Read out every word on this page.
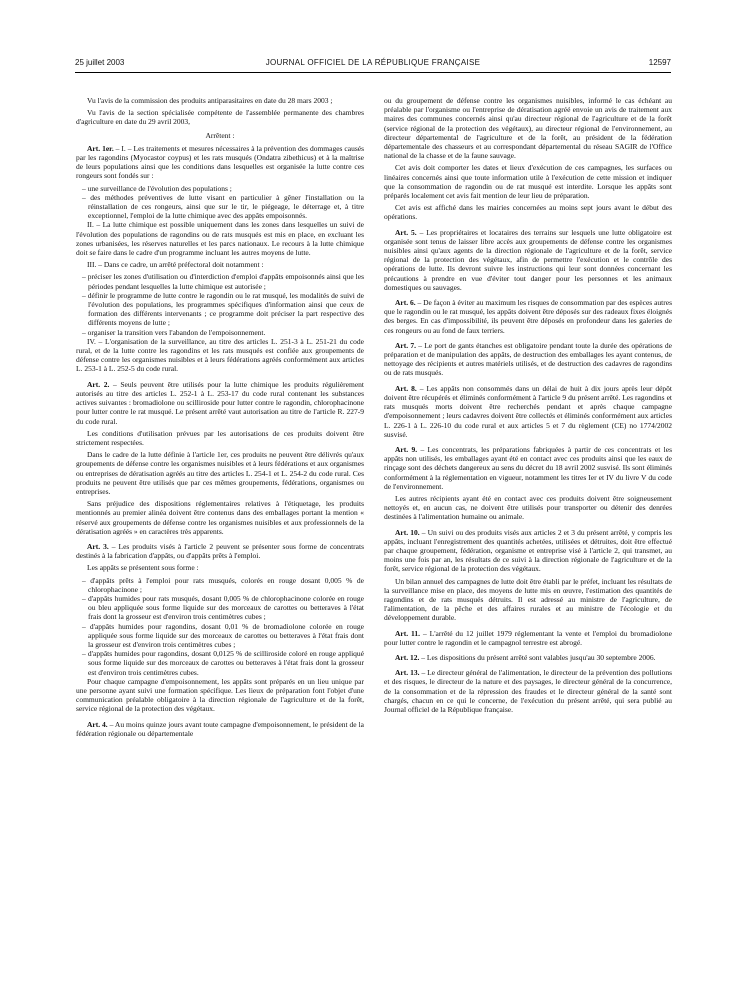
25 juillet 2003	JOURNAL OFFICIEL DE LA RÉPUBLIQUE FRANÇAISE	12597

Vu l'avis de la commission des produits antiparasitaires en date du 28 mars 2003 ;

Vu l'avis de la section spécialisée compétente de l'assemblée permanente des chambres d'agriculture en date du 29 avril 2003,

Arrêtent :

Art. 1er. – I. – Les traitements et mesures nécessaires à la prévention des dommages causés par les ragondins (Myocastor coypus) et les rats musqués (Ondatra zibethicus) et à la maîtrise de leurs populations ainsi que les conditions dans lesquelles est organisée la lutte contre ces rongeurs sont fondés sur :

– une surveillance de l'évolution des populations ;

– des méthodes préventives de lutte visant en particulier à gêner l'installation ou la réinstallation de ces rongeurs, ainsi que sur le tir, le piégeage, le déterrage et, à titre exceptionnel, l'emploi de la lutte chimique avec des appâts empoisonnés.

II. – La lutte chimique est possible uniquement dans les zones dans lesquelles un suivi de l'évolution des populations de ragondins ou de rats musqués est mis en place, en excluant les zones urbanisées, les réserves naturelles et les parcs nationaux. Le recours à la lutte chimique doit se faire dans le cadre d'un programme incluant les autres moyens de lutte.

III. – Dans ce cadre, un arrêté préfectoral doit notamment :

– préciser les zones d'utilisation ou d'interdiction d'emploi d'appâts empoisonnés ainsi que les périodes pendant lesquelles la lutte chimique est autorisée ;

– définir le programme de lutte contre le ragondin ou le rat musqué, les modalités de suivi de l'évolution des populations, les programmes spécifiques d'information ainsi que ceux de formation des différents intervenants ; ce programme doit préciser la part respective des différents moyens de lutte ;

– organiser la transition vers l'abandon de l'empoisonnement.

IV. – L'organisation de la surveillance, au titre des articles L. 251-3 à L. 251-21 du code rural, et de la lutte contre les ragondins et les rats musqués est confiée aux groupements de défense contre les organismes nuisibles et à leurs fédérations agréés conformément aux articles L. 253-1 à L. 252-5 du code rural.

Art. 2. – Seuls peuvent être utilisés pour la lutte chimique les produits régulièrement autorisés au titre des articles L. 252-1 à L. 253-17 du code rural contenant les substances actives suivantes : bromadiolone ou scilliroside pour lutter contre le ragondin, chlorophacinone pour lutter contre le rat musqué. Le présent arrêté vaut autorisation au titre de l'article R. 227-9 du code rural.

Les conditions d'utilisation prévues par les autorisations de ces produits doivent être strictement respectées.

Dans le cadre de la lutte définie à l'article 1er, ces produits ne peuvent être délivrés qu'aux groupements de défense contre les organismes nuisibles et à leurs fédérations et aux organismes ou entreprises de dératisation agréés au titre des articles L. 254-1 et L. 254-2 du code rural. Ces produits ne peuvent être utilisés que par ces mêmes groupements, fédérations, organismes ou entreprises.

Sans préjudice des dispositions réglementaires relatives à l'étiquetage, les produits mentionnés au premier alinéa doivent être contenus dans des emballages portant la mention « réservé aux groupements de défense contre les organismes nuisibles et aux professionnels de la dératisation agréés » en caractères très apparents.

Art. 3. – Les produits visés à l'article 2 peuvent se présenter sous forme de concentrats destinés à la fabrication d'appâts, ou d'appâts prêts à l'emploi.

Les appâts se présentent sous forme :

– d'appâts prêts à l'emploi pour rats musqués, colorés en rouge dosant 0,005 % de chlorophacinone ;

– d'appâts humides pour rats musqués, dosant 0,005 % de chlorophacinone colorée en rouge ou bleu appliquée sous forme liquide sur des morceaux de carottes ou betteraves à l'état frais dont la grosseur est d'environ trois centimètres cubes ;

– d'appâts humides pour ragondins, dosant 0,01 % de bromadiolone colorée en rouge appliquée sous forme liquide sur des morceaux de carottes ou betteraves à l'état frais dont la grosseur est d'environ trois centimètres cubes ;

– d'appâts humides pour ragondins, dosant 0,0125 % de scilliroside coloré en rouge appliqué sous forme liquide sur des morceaux de carottes ou betteraves à l'état frais dont la grosseur est d'environ trois centimètres cubes.

Pour chaque campagne d'empoisonnement, les appâts sont préparés en un lieu unique par une personne ayant suivi une formation spécifique. Les lieux de préparation font l'objet d'une communication préalable obligatoire à la direction régionale de l'agriculture et de la forêt, service régional de la protection des végétaux.

Art. 4. – Au moins quinze jours avant toute campagne d'empoisonnement, le président de la fédération régionale ou départementale

ou du groupement de défense contre les organismes nuisibles, informé le cas échéant au préalable par l'organisme ou l'entreprise de dératisation agréé envoie un avis de traitement aux maires des communes concernés ainsi qu'au directeur régional de l'agriculture et de la forêt (service régional de la protection des végétaux), au directeur régional de l'environnement, au directeur départemental de l'agriculture et de la forêt, au président de la fédération départementale des chasseurs et au correspondant départemental du réseau SAGIR de l'Office national de la chasse et de la faune sauvage.

Cet avis doit comporter les dates et lieux d'exécution de ces campagnes, les surfaces ou linéaires concernés ainsi que toute information utile à l'exécution de cette mission et indiquer que la consommation de ragondin ou de rat musqué est interdite. Lorsque les appâts sont préparés localement cet avis fait mention de leur lieu de préparation.

Cet avis est affiché dans les mairies concernées au moins sept jours avant le début des opérations.

Art. 5. – Les propriétaires et locataires des terrains sur lesquels une lutte obligatoire est organisée sont tenus de laisser libre accès aux groupements de défense contre les organismes nuisibles ainsi qu'aux agents de la direction régionale de l'agriculture et de la forêt, service régional de la protection des végétaux, afin de permettre l'exécution et le contrôle des opérations de lutte. Ils devront suivre les instructions qui leur sont données concernant les précautions à prendre en vue d'éviter tout danger pour les personnes et les animaux domestiques ou sauvages.

Art. 6. – De façon à éviter au maximum les risques de consommation par des espèces autres que le ragondin ou le rat musqué, les appâts doivent être déposés sur des radeaux fixes éloignés des berges. En cas d'impossibilité, ils peuvent être déposés en profondeur dans les galeries de ces rongeurs ou au fond de faux terriers.

Art. 7. – Le port de gants étanches est obligatoire pendant toute la durée des opérations de préparation et de manipulation des appâts, de destruction des emballages les ayant contenus, de nettoyage des récipients et autres matériels utilisés, et de destruction des cadavres de ragondins ou de rats musqués.

Art. 8. – Les appâts non consommés dans un délai de huit à dix jours après leur dépôt doivent être récupérés et éliminés conformément à l'article 9 du présent arrêté. Les ragondins et rats musqués morts doivent être recherchés pendant et après chaque campagne d'empoisonnement ; leurs cadavres doivent être collectés et éliminés conformément aux articles L. 226-1 à L. 226-10 du code rural et aux articles 5 et 7 du règlement (CE) no 1774/2002 susvisé.

Art. 9. – Les concentrats, les préparations fabriquées à partir de ces concentrats et les appâts non utilisés, les emballages ayant été en contact avec ces produits ainsi que les eaux de rinçage sont des déchets dangereux au sens du décret du 18 avril 2002 susvisé. Ils sont éliminés conformément à la réglementation en vigueur, notamment les titres Ier et IV du livre V du code de l'environnement.

Les autres récipients ayant été en contact avec ces produits doivent être soigneusement nettoyés et, en aucun cas, ne doivent être utilisés pour transporter ou détenir des denrées destinées à l'alimentation humaine ou animale.

Art. 10. – Un suivi ou des produits visés aux articles 2 et 3 du présent arrêté, y compris les appâts, incluant l'enregistrement des quantités achetées, utilisées et détruites, doit être effectué par chaque groupement, fédération, organisme et entreprise visé à l'article 2, qui transmet, au moins une fois par an, les résultats de ce suivi à la direction régionale de l'agriculture et de la forêt, service régional de la protection des végétaux.

Un bilan annuel des campagnes de lutte doit être établi par le préfet, incluant les résultats de la surveillance mise en place, des moyens de lutte mis en œuvre, l'estimation des quantités de ragondins et de rats musqués détruits. Il est adressé au ministre de l'agriculture, de l'alimentation, de la pêche et des affaires rurales et au ministre de l'écologie et du développement durable.

Art. 11. – L'arrêté du 12 juillet 1979 réglementant la vente et l'emploi du bromadiolone pour lutter contre le ragondin et le campagnol terrestre est abrogé.

Art. 12. – Les dispositions du présent arrêté sont valables jusqu'au 30 septembre 2006.

Art. 13. – Le directeur général de l'alimentation, le directeur de la prévention des pollutions et des risques, le directeur de la nature et des paysages, le directeur général de la concurrence, de la consommation et de la répression des fraudes et le directeur général de la santé sont chargés, chacun en ce qui le concerne, de l'exécution du présent arrêté, qui sera publié au Journal officiel de la République française.
